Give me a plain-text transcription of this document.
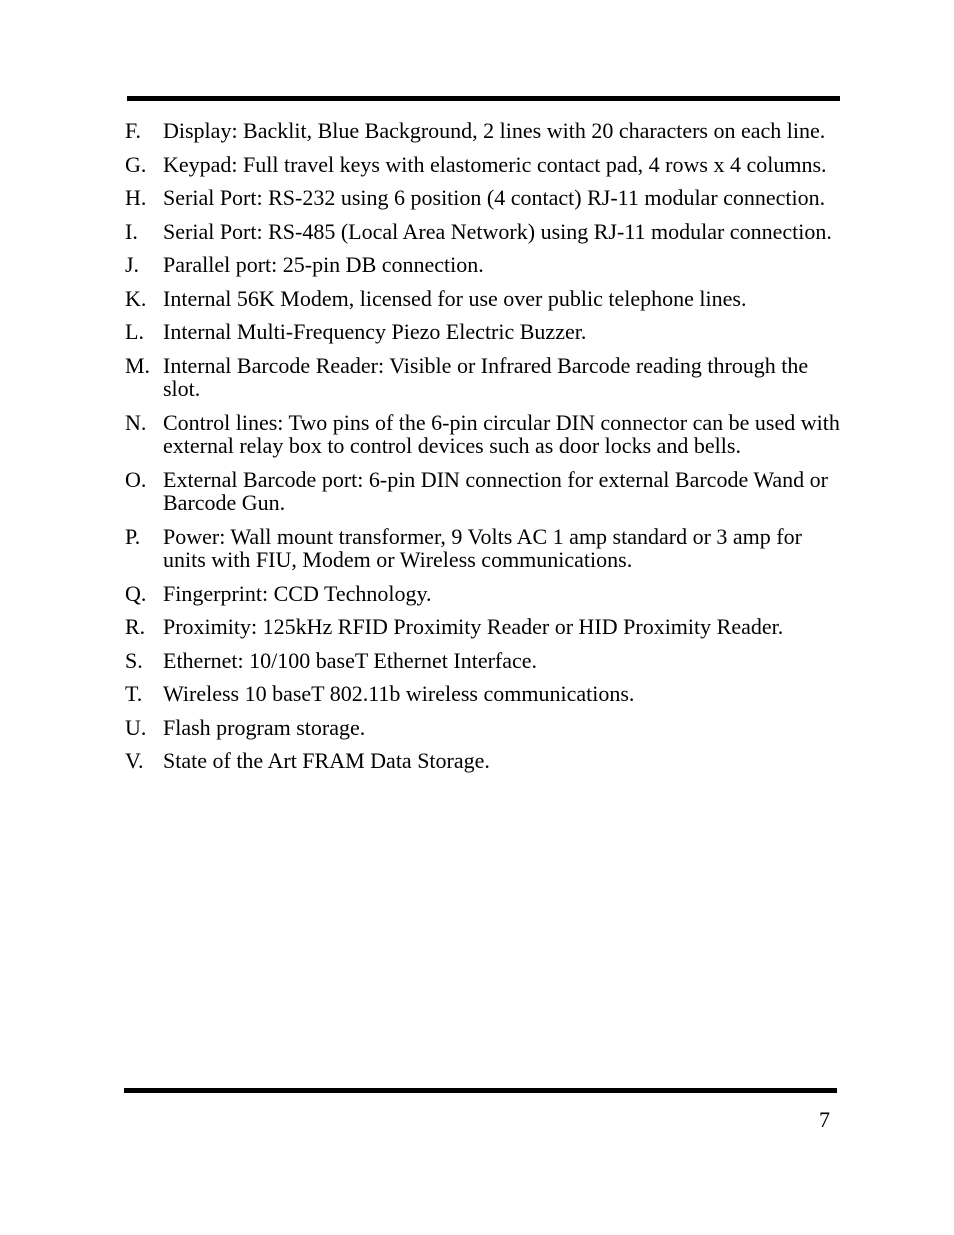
F.	Display: Backlit, Blue Background, 2 lines with 20 characters on each line.
G. Keypad: Full travel keys with elastomeric contact pad, 4 rows x 4 columns.
H. Serial Port: RS-232 using 6 position (4 contact) RJ-11 modular connection.
I.	Serial Port: RS-485 (Local Area Network) using RJ-11 modular connection.
J.	Parallel port: 25-pin DB connection.
K. Internal 56K Modem, licensed for use over public telephone lines.
L. Internal Multi-Frequency Piezo Electric Buzzer.
M. Internal Barcode Reader: Visible or Infrared Barcode reading through the slot.
N. Control lines: Two pins of the 6-pin circular DIN connector can be used with external relay box to control devices such as door locks and bells.
O. External Barcode port: 6-pin DIN connection for external Barcode Wand or Barcode Gun.
P.	Power: Wall mount transformer, 9 Volts AC 1 amp standard or 3 amp for units with FIU, Modem or Wireless communications.
Q. Fingerprint: CCD Technology.
R. Proximity: 125kHz RFID Proximity Reader or HID Proximity Reader.
S. Ethernet: 10/100 baseT Ethernet Interface.
T. Wireless 10 baseT 802.11b wireless communications.
U. Flash program storage.
V. State of the Art FRAM Data Storage.
7
